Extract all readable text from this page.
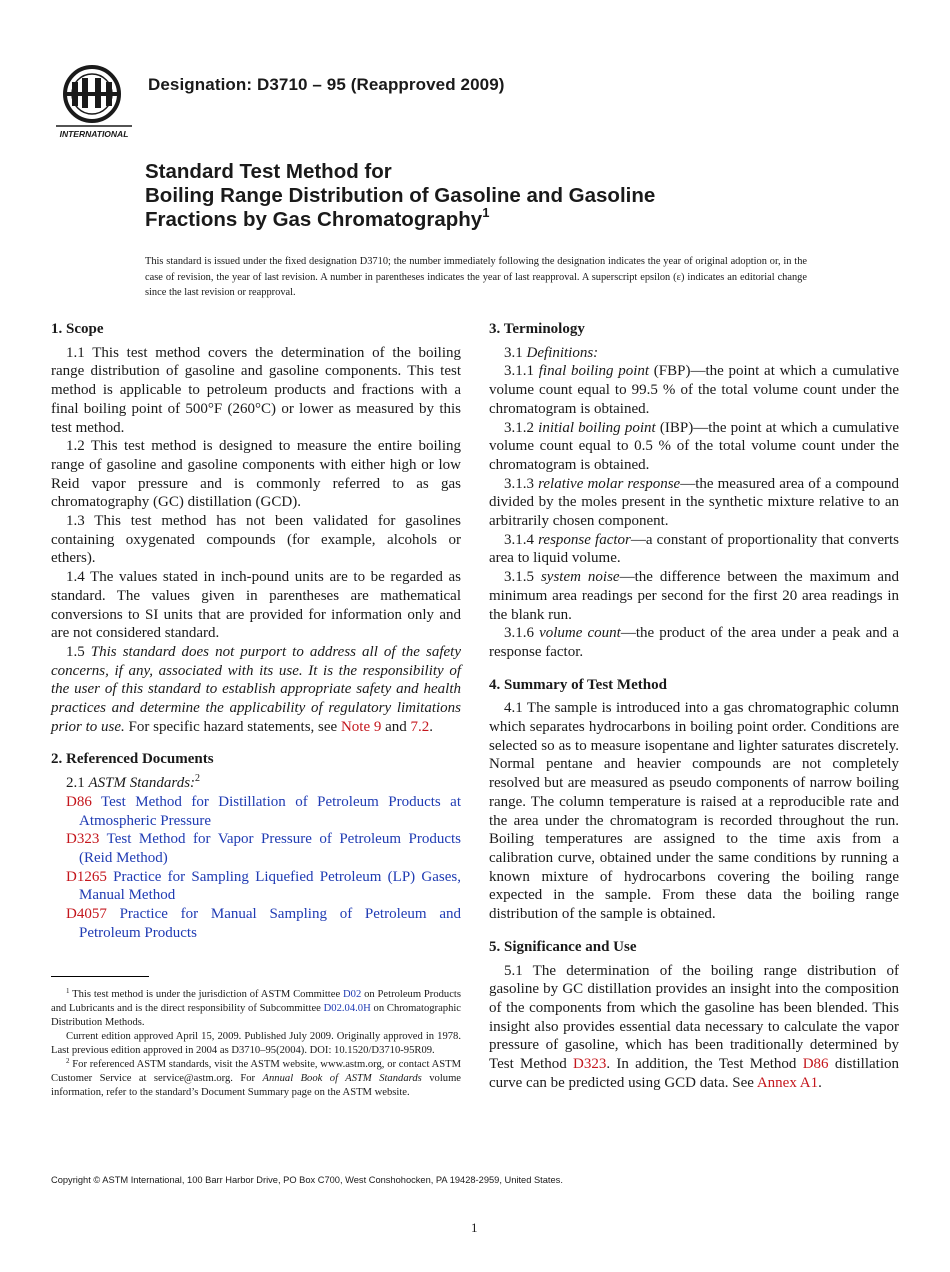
INTERNATIONAL
Designation: D3710 – 95 (Reapproved 2009)
Standard Test Method for
Boiling Range Distribution of Gasoline and Gasoline
Fractions by Gas Chromatography$^1$
This standard is issued under the fixed designation D3710; the number immediately following the designation indicates the year of original adoption or, in the case of revision, the year of last revision. A number in parentheses indicates the year of last reapproval. A superscript epsilon (ε) indicates an editorial change since the last revision or reapproval.

1. Scope

1.1 This test method covers the determination of the boiling range distribution of gasoline and gasoline components. This test method is applicable to petroleum products and fractions with a final boiling point of 500°F (260°C) or lower as measured by this test method.

1.2 This test method is designed to measure the entire boiling range of gasoline and gasoline components with either high or low Reid vapor pressure and is commonly referred to as gas chromatography (GC) distillation (GCD).

1.3 This test method has not been validated for gasolines containing oxygenated compounds (for example, alcohols or ethers).

1.4 The values stated in inch-pound units are to be regarded as standard. The values given in parentheses are mathematical conversions to SI units that are provided for information only and are not considered standard.

1.5 This standard does not purport to address all of the safety concerns, if any, associated with its use. It is the responsibility of the user of this standard to establish appropriate safety and health practices and determine the applicability of regulatory limitations prior to use. For specific hazard statements, see Note 9 and 7.2.

2. Referenced Documents

2.1 ASTM Standards:$^2$

D86 Test Method for Distillation of Petroleum Products at Atmospheric Pressure

D323 Test Method for Vapor Pressure of Petroleum Products (Reid Method)

D1265 Practice for Sampling Liquefied Petroleum (LP) Gases, Manual Method

D4057 Practice for Manual Sampling of Petroleum and Petroleum Products

3. Terminology

3.1 Definitions:

3.1.1 final boiling point (FBP)—the point at which a cumulative volume count equal to 99.5 % of the total volume count under the chromatogram is obtained.

3.1.2 initial boiling point (IBP)—the point at which a cumulative volume count equal to 0.5 % of the total volume count under the chromatogram is obtained.

3.1.3 relative molar response—the measured area of a compound divided by the moles present in the synthetic mixture relative to an arbitrarily chosen component.

3.1.4 response factor—a constant of proportionality that converts area to liquid volume.

3.1.5 system noise—the difference between the maximum and minimum area readings per second for the first 20 area readings in the blank run.

3.1.6 volume count—the product of the area under a peak and a response factor.

4. Summary of Test Method

4.1 The sample is introduced into a gas chromatographic column which separates hydrocarbons in boiling point order. Conditions are selected so as to measure isopentane and lighter saturates discretely. Normal pentane and heavier compounds are not completely resolved but are measured as pseudo components of narrow boiling range. The column temperature is raised at a reproducible rate and the area under the chromatogram is recorded throughout the run. Boiling temperatures are assigned to the time axis from a calibration curve, obtained under the same conditions by running a known mixture of hydrocarbons covering the boiling range expected in the sample. From these data the boiling range distribution of the sample is obtained.

5. Significance and Use

5.1 The determination of the boiling range distribution of gasoline by GC distillation provides an insight into the composition of the components from which the gasoline has been blended. This insight also provides essential data necessary to calculate the vapor pressure of gasoline, which has been traditionally determined by Test Method D323. In addition, the Test Method D86 distillation curve can be predicted using GCD data. See Annex A1.

$^1$ This test method is under the jurisdiction of ASTM Committee D02 on Petroleum Products and Lubricants and is the direct responsibility of Subcommittee D02.04.0H on Chromatographic Distribution Methods.

Current edition approved April 15, 2009. Published July 2009. Originally approved in 1978. Last previous edition approved in 2004 as D3710–95(2004). DOI: 10.1520/D3710-95R09.

$^2$ For referenced ASTM standards, visit the ASTM website, www.astm.org, or contact ASTM Customer Service at service@astm.org. For Annual Book of ASTM Standards volume information, refer to the standard’s Document Summary page on the ASTM website.

Copyright © ASTM International, 100 Barr Harbor Drive, PO Box C700, West Conshohocken, PA 19428-2959, United States.
1
